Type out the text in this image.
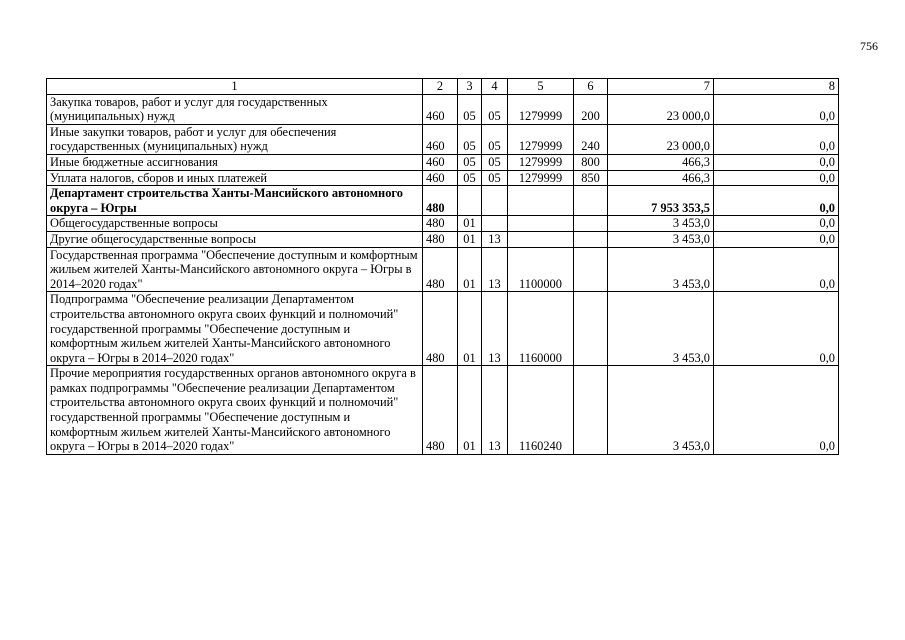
756
1	2	3	4	5	6	7	8
Закупка товаров, работ и услуг для государственных (муниципальных) нужд	460	05	05	1279999	200	23 000,0	0,0
Иные закупки товаров, работ и услуг для обеспечения государственных (муниципальных) нужд	460	05	05	1279999	240	23 000,0	0,0
Иные бюджетные ассигнования	460	05	05	1279999	800	466,3	0,0
Уплата налогов, сборов и иных платежей	460	05	05	1279999	850	466,3	0,0
Департамент строительства Ханты-Мансийского автономного округа – Югры	480					7 953 353,5	0,0
Общегосударственные вопросы	480	01				3 453,0	0,0
Другие общегосударственные вопросы	480	01	13			3 453,0	0,0
Государственная программа "Обеспечение доступным и комфортным жильем жителей Ханты-Мансийского автономного округа – Югры в 2014–2020 годах"	480	01	13	1100000		3 453,0	0,0
Подпрограмма "Обеспечение реализации Департаментом строительства автономного округа своих функций и полномочий" государственной программы "Обеспечение доступным и комфортным жильем жителей Ханты-Мансийского автономного округа – Югры в 2014–2020 годах"	480	01	13	1160000		3 453,0	0,0
Прочие мероприятия государственных органов автономного округа в рамках подпрограммы "Обеспечение реализации Департаментом строительства автономного округа своих функций и полномочий" государственной программы "Обеспечение доступным и комфортным жильем жителей Ханты-Мансийского автономного округа – Югры в 2014–2020 годах"	480	01	13	1160240		3 453,0	0,0
